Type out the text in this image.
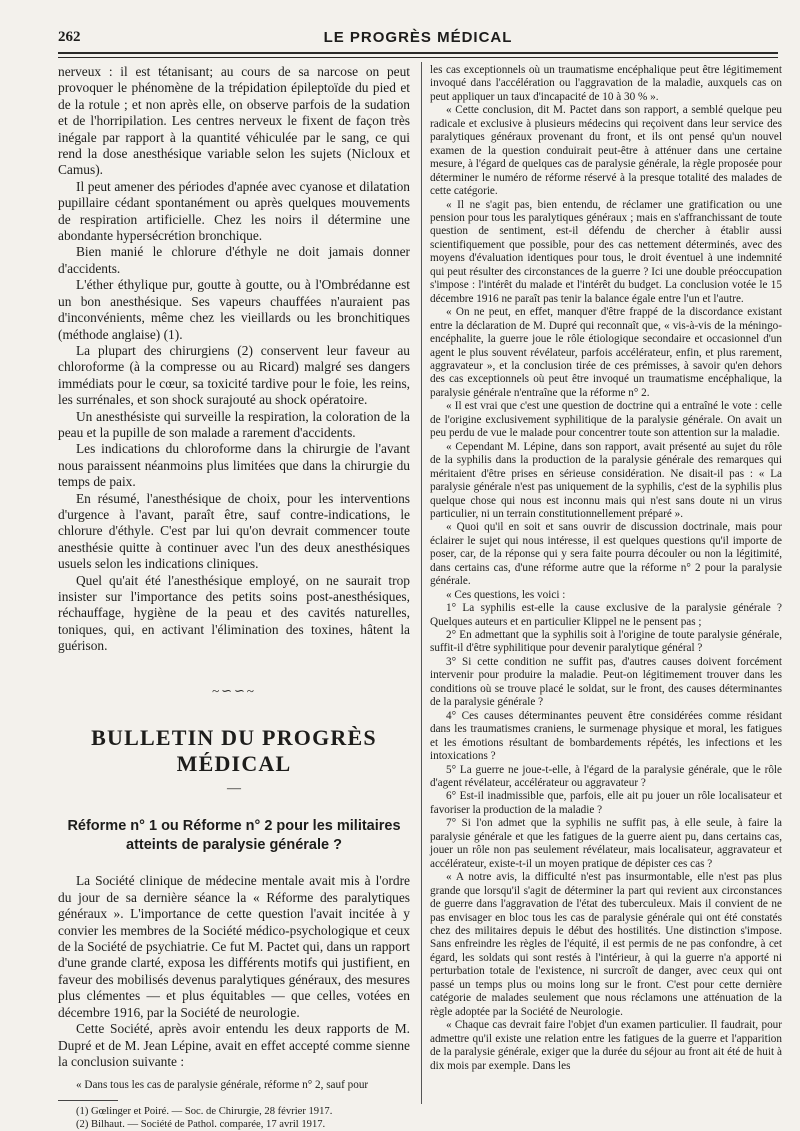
262	LE PROGRÈS MÉDICAL

nerveux : il est tétanisant; au cours de sa narcose on peut provoquer le phénomène de la trépidation épileptoïde du pied et de la rotule ; et non après elle, on observe parfois de la sudation et de l'horripilation. Les centres nerveux le fixent de façon très inégale par rapport à la quantité véhiculée par le sang, ce qui rend la dose anesthésique variable selon les sujets (Nicloux et Camus).

Il peut amener des périodes d'apnée avec cyanose et dilatation pupillaire cédant spontanément ou après quelques mouvements de respiration artificielle. Chez les noirs il détermine une abondante hypersécrétion bronchique.

Bien manié le chlorure d'éthyle ne doit jamais donner d'accidents.

L'éther éthylique pur, goutte à goutte, ou à l'Ombrédanne est un bon anesthésique. Ses vapeurs chauffées n'auraient pas d'inconvénients, même chez les vieillards ou les bronchitiques (méthode anglaise) (1).

La plupart des chirurgiens (2) conservent leur faveur au chloroforme (à la compresse ou au Ricard) malgré ses dangers immédiats pour le cœur, sa toxicité tardive pour le foie, les reins, les surrénales, et son shock surajouté au shock opératoire.

Un anesthésiste qui surveille la respiration, la coloration de la peau et la pupille de son malade a rarement d'accidents.

Les indications du chloroforme dans la chirurgie de l'avant nous paraissent néanmoins plus limitées que dans la chirurgie du temps de paix.

En résumé, l'anesthésique de choix, pour les interventions d'urgence à l'avant, paraît être, sauf contre-indications, le chlorure d'éthyle. C'est par lui qu'on devrait commencer toute anesthésie quitte à continuer avec l'un des deux anesthésiques usuels selon les indications cliniques.

Quel qu'ait été l'anesthésique employé, on ne saurait trop insister sur l'importance des petits soins post-anesthésiques, réchauffage, hygiène de la peau et des cavités naturelles, toniques, qui, en activant l'élimination des toxines, hâtent la guérison.

~∽∽~
BULLETIN DU PROGRÈS MÉDICAL
—
Réforme n° 1 ou Réforme n° 2 pour les militaires atteints de paralysie générale ?

La Société clinique de médecine mentale avait mis à l'ordre du jour de sa dernière séance la « Réforme des paralytiques généraux ». L'importance de cette question l'avait incitée à y convier les membres de la Société médico-psychologique et ceux de la Société de psychiatrie. Ce fut M. Pactet qui, dans un rapport d'une grande clarté, exposa les différents motifs qui justifient, en faveur des mobilisés devenus paralytiques généraux, des mesures plus clémentes — et plus équitables — que celles, votées en décembre 1916, par la Société de neurologie.

Cette Société, après avoir entendu les deux rapports de M. Dupré et de M. Jean Lépine, avait en effet accepté comme sienne la conclusion suivante :

« Dans tous les cas de paralysie générale, réforme n° 2, sauf pour

(1) Gœlinger et Poiré. — Soc. de Chirurgie, 28 février 1917.

(2) Bilhaut. — Société de Pathol. comparée, 17 avril 1917.

les cas exceptionnels où un traumatisme encéphalique peut être légitimement invoqué dans l'accélération ou l'aggravation de la maladie, auxquels cas on peut appliquer un taux d'incapacité de 10 à 30 % ».

« Cette conclusion, dit M. Pactet dans son rapport, a semblé quelque peu radicale et exclusive à plusieurs médecins qui reçoivent dans leur service des paralytiques généraux provenant du front, et ils ont pensé qu'un nouvel examen de la question conduirait peut-être à atténuer dans une certaine mesure, à l'égard de quelques cas de paralysie générale, la règle proposée pour déterminer le numéro de réforme réservé à la presque totalité des malades de cette catégorie.

« Il ne s'agit pas, bien entendu, de réclamer une gratification ou une pension pour tous les paralytiques généraux ; mais en s'affranchissant de toute question de sentiment, est-il défendu de chercher à établir aussi scientifiquement que possible, pour des cas nettement déterminés, avec des moyens d'évaluation identiques pour tous, le droit éventuel à une indemnité qui peut résulter des circonstances de la guerre ? Ici une double préoccupation s'impose : l'intérêt du malade et l'intérêt du budget. La conclusion votée le 15 décembre 1916 ne paraît pas tenir la balance égale entre l'un et l'autre.

« On ne peut, en effet, manquer d'être frappé de la discordance existant entre la déclaration de M. Dupré qui reconnaît que, « vis-à-vis de la méningo-encéphalite, la guerre joue le rôle étiologique secondaire et occasionnel d'un agent le plus souvent révélateur, parfois accélérateur, enfin, et plus rarement, aggravateur », et la conclusion tirée de ces prémisses, à savoir qu'en dehors des cas exceptionnels où peut être invoqué un traumatisme encéphalique, la paralysie générale n'entraîne que la réforme n° 2.

« Il est vrai que c'est une question de doctrine qui a entraîné le vote : celle de l'origine exclusivement syphilitique de la paralysie générale. On avait un peu perdu de vue le malade pour concentrer toute son attention sur la maladie.

« Cependant M. Lépine, dans son rapport, avait présenté au sujet du rôle de la syphilis dans la production de la paralysie générale des remarques qui méritaient d'être prises en sérieuse considération. Ne disait-il pas : « La paralysie générale n'est pas uniquement de la syphilis, c'est de la syphilis plus quelque chose qui nous est inconnu mais qui n'est sans doute ni un virus particulier, ni un terrain constitutionnellement préparé ».

« Quoi qu'il en soit et sans ouvrir de discussion doctrinale, mais pour éclairer le sujet qui nous intéresse, il est quelques questions qu'il importe de poser, car, de la réponse qui y sera faite pourra découler ou non la légitimité, dans certains cas, d'une réforme autre que la réforme n° 2 pour la paralysie générale.

« Ces questions, les voici :

1° La syphilis est-elle la cause exclusive de la paralysie générale ? Quelques auteurs et en particulier Klippel ne le pensent pas ;

2° En admettant que la syphilis soit à l'origine de toute paralysie générale, suffit-il d'être syphilitique pour devenir paralytique général ?

3° Si cette condition ne suffit pas, d'autres causes doivent forcément intervenir pour produire la maladie. Peut-on légitimement trouver dans les conditions où se trouve placé le soldat, sur le front, des causes déterminantes de la paralysie générale ?

4° Ces causes déterminantes peuvent être considérées comme résidant dans les traumatismes craniens, le surmenage physique et moral, les fatigues et les émotions résultant de bombardements répétés, les infections et les intoxications ?

5° La guerre ne joue-t-elle, à l'égard de la paralysie générale, que le rôle d'agent révélateur, accélérateur ou aggravateur ?

6° Est-il inadmissible que, parfois, elle ait pu jouer un rôle localisateur et favoriser la production de la maladie ?

7° Si l'on admet que la syphilis ne suffit pas, à elle seule, à faire la paralysie générale et que les fatigues de la guerre aient pu, dans certains cas, jouer un rôle non pas seulement révélateur, mais localisateur, aggravateur et accélérateur, existe-t-il un moyen pratique de dépister ces cas ?

« A notre avis, la difficulté n'est pas insurmontable, elle n'est pas plus grande que lorsqu'il s'agit de déterminer la part qui revient aux circonstances de guerre dans l'aggravation de l'état des tuberculeux. Mais il convient de ne pas envisager en bloc tous les cas de paralysie générale qui ont été constatés chez des militaires depuis le début des hostilités. Une distinction s'impose. Sans enfreindre les règles de l'équité, il est permis de ne pas confondre, à cet égard, les soldats qui sont restés à l'intérieur, à qui la guerre n'a apporté ni perturbation totale de l'existence, ni surcroît de danger, avec ceux qui ont passé un temps plus ou moins long sur le front. C'est pour cette dernière catégorie de malades seulement que nous réclamons une atténuation de la règle adoptée par la Société de Neurologie.

« Chaque cas devrait faire l'objet d'un examen particulier. Il faudrait, pour admettre qu'il existe une relation entre les fatigues de la guerre et l'apparition de la paralysie générale, exiger que la durée du séjour au front ait été de huit à dix mois par exemple. Dans les
